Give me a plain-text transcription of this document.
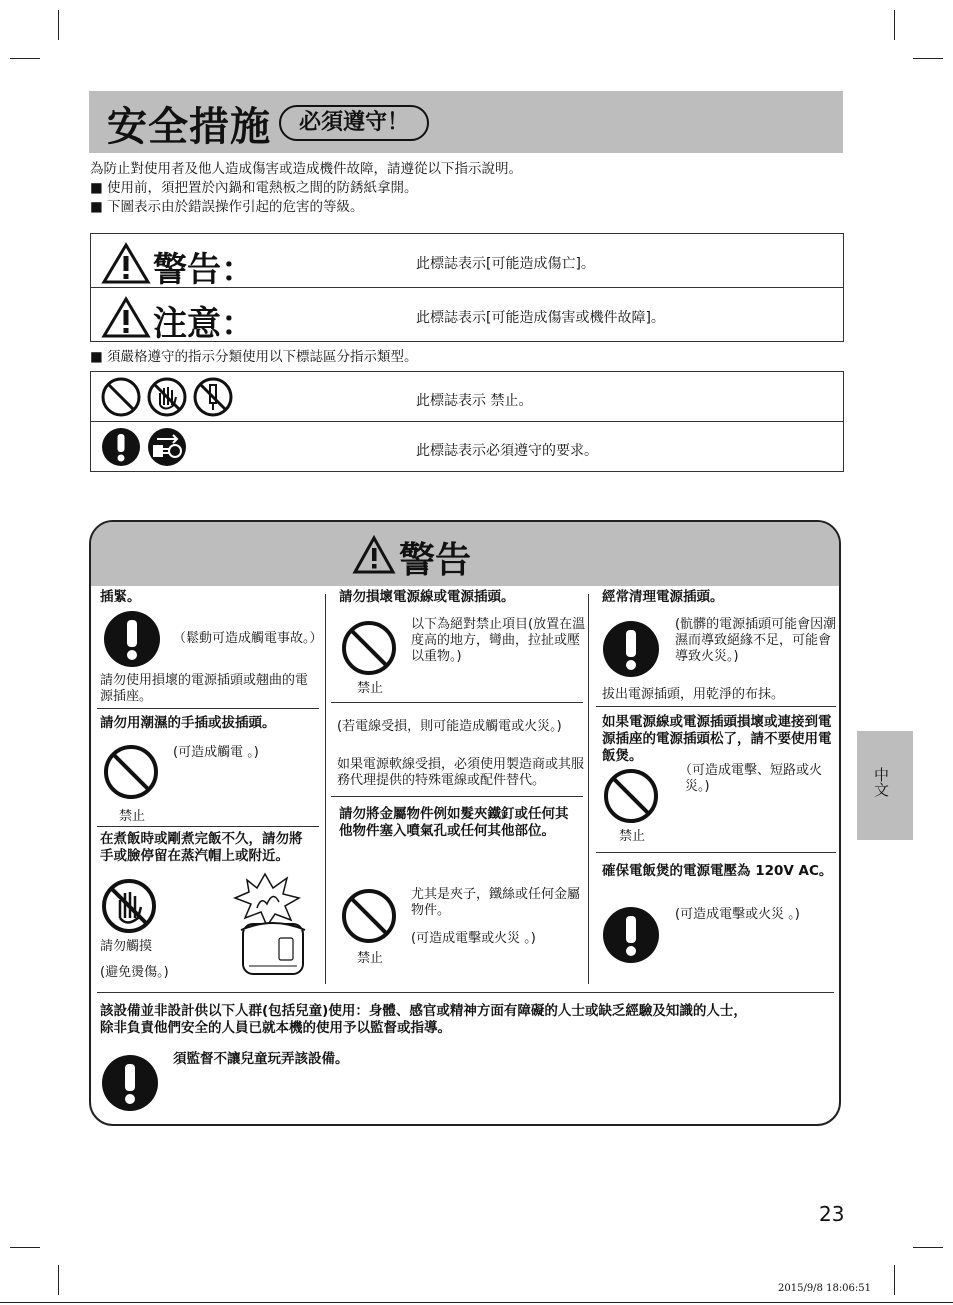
安全措施	必須遵守！
為防止對使用者及他人造成傷害或造成機件故障，請遵從以下指示說明。
■ 使用前，須把置於內鍋和電熱板之間的防銹紙拿開。
■ 下圖表示由於錯誤操作引起的危害的等級。
警告：	此標誌表示[可能造成傷亡]。
注意：	此標誌表示[可能造成傷害或機件故障]。
■ 須嚴格遵守的指示分類使用以下標誌區分指示類型。
此標誌表示 禁止。
此標誌表示必須遵守的要求。
警告
插緊。
（鬆動可造成觸電事故。）
請勿使用損壞的電源插頭或翹曲的電
源插座。
請勿用潮濕的手插或拔插頭。
(可造成觸電 。)
禁止
在煮飯時或剛煮完飯不久，請勿將
手或臉停留在蒸汽帽上或附近。
請勿觸摸
(避免燙傷。)
請勿損壞電源線或電源插頭。
以下為絕對禁止項目(放置在溫
度高的地方，彎曲，拉扯或壓
以重物。)
禁止
(若電線受損，則可能造成觸電或火災。)
如果電源軟線受損，必須使用製造商或其服
務代理提供的特殊電線或配件替代。
請勿將金屬物件例如髮夾鐵釘或任何其
他物件塞入噴氣孔或任何其他部位。
尤其是夾子，鐵絲或任何金屬
物件。
(可造成電擊或火災 。)
禁止
經常清理電源插頭。
(骯髒的電源插頭可能會因潮
濕而導致絕緣不足，可能會
導致火災。)
拔出電源插頭，用乾淨的布抹。
如果電源線或電源插頭損壞或連接到電
源插座的電源插頭松了，請不要使用電
飯煲。
（可造成電擊、短路或火
災。)
禁止
確保電飯煲的電源電壓為 120V AC。
(可造成電擊或火災 。)
該設備並非設計供以下人群(包括兒童)使用：身體、感官或精神方面有障礙的人士或缺乏經驗及知識的人士，
除非負責他們安全的人員已就本機的使用予以監督或指導。
須監督不讓兒童玩弄該設備。
中文
23
2015/9/8 18:06:51
